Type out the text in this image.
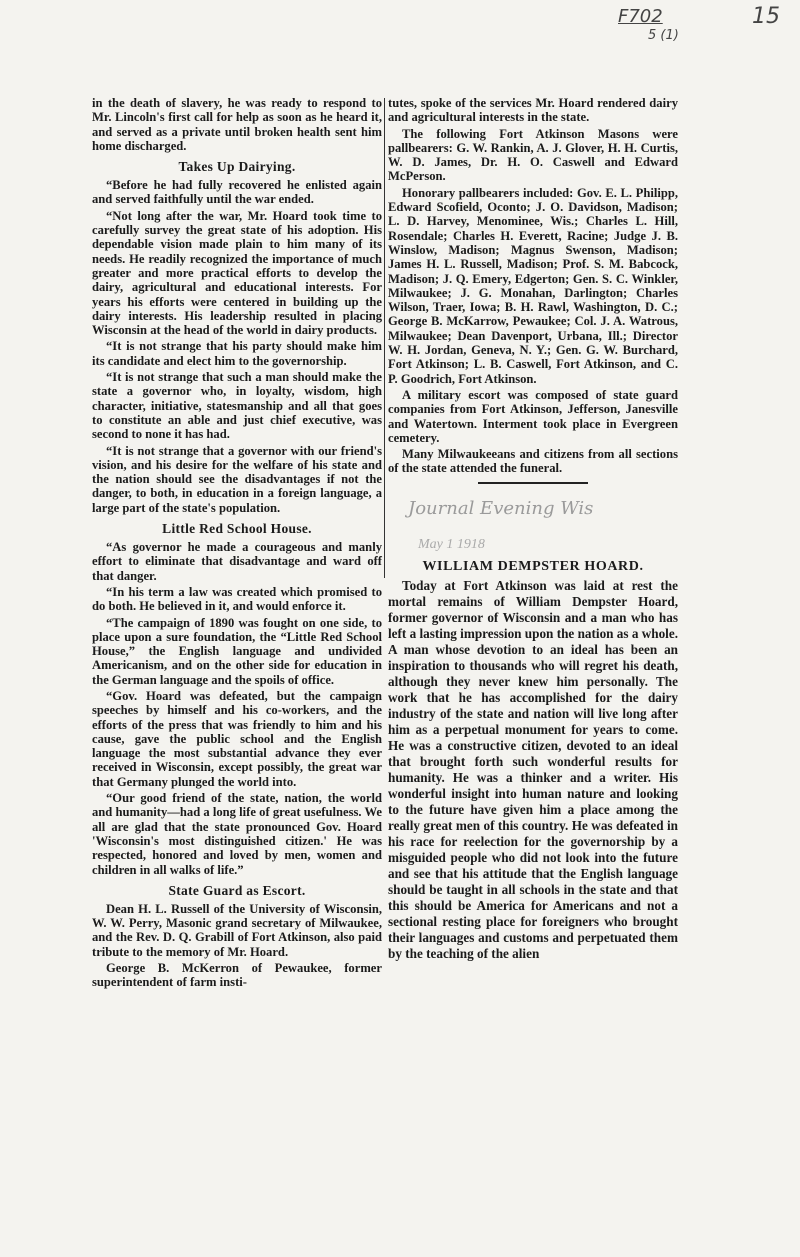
F702
5 (1)
15

in the death of slavery, he was ready to respond to Mr. Lincoln's first call for help as soon as he heard it, and served as a private until broken health sent him home discharged.

Takes Up Dairying.

“Before he had fully recovered he enlisted again and served faithfully until the war ended.

“Not long after the war, Mr. Hoard took time to carefully survey the great state of his adoption. His dependable vision made plain to him many of its needs. He readily recognized the importance of much greater and more practical efforts to develop the dairy, agricultural and educational interests. For years his efforts were centered in building up the dairy interests. His leadership resulted in placing Wisconsin at the head of the world in dairy products.

“It is not strange that his party should make him its candidate and elect him to the governorship.

“It is not strange that such a man should make the state a governor who, in loyalty, wisdom, high character, initiative, statesmanship and all that goes to constitute an able and just chief executive, was second to none it has had.

“It is not strange that a governor with our friend's vision, and his desire for the welfare of his state and the nation should see the disadvantages if not the danger, to both, in education in a foreign language, a large part of the state's population.

Little Red School House.

“As governor he made a courageous and manly effort to eliminate that disadvantage and ward off that danger.

“In his term a law was created which promised to do both. He believed in it, and would enforce it.

“The campaign of 1890 was fought on one side, to place upon a sure foundation, the “Little Red School House,” the English language and undivided Americanism, and on the other side for education in the German language and the spoils of office.

“Gov. Hoard was defeated, but the campaign speeches by himself and his co-workers, and the efforts of the press that was friendly to him and his cause, gave the public school and the English language the most substantial advance they ever received in Wisconsin, except possibly, the great war that Germany plunged the world into.

“Our good friend of the state, nation, the world and humanity—had a long life of great usefulness. We all are glad that the state pronounced Gov. Hoard 'Wisconsin's most distinguished citizen.' He was respected, honored and loved by men, women and children in all walks of life.”

State Guard as Escort.

Dean H. L. Russell of the University of Wisconsin, W. W. Perry, Masonic grand secretary of Milwaukee, and the Rev. D. Q. Grabill of Fort Atkinson, also paid tribute to the memory of Mr. Hoard.

George B. McKerron of Pewaukee, former superintendent of farm insti-

tutes, spoke of the services Mr. Hoard rendered dairy and agricultural interests in the state.

The following Fort Atkinson Masons were pallbearers: G. W. Rankin, A. J. Glover, H. H. Curtis, W. D. James, Dr. H. O. Caswell and Edward McPerson.

Honorary pallbearers included: Gov. E. L. Philipp, Edward Scofield, Oconto; J. O. Davidson, Madison; L. D. Harvey, Menominee, Wis.; Charles L. Hill, Rosendale; Charles H. Everett, Racine; Judge J. B. Winslow, Madison; Magnus Swenson, Madison; James H. L. Russell, Madison; Prof. S. M. Babcock, Madison; J. Q. Emery, Edgerton; Gen. S. C. Winkler, Milwaukee; J. G. Monahan, Darlington; Charles Wilson, Traer, Iowa; B. H. Rawl, Washington, D. C.; George B. McKarrow, Pewaukee; Col. J. A. Watrous, Milwaukee; Dean Davenport, Urbana, Ill.; Director W. H. Jordan, Geneva, N. Y.; Gen. G. W. Burchard, Fort Atkinson; L. B. Caswell, Fort Atkinson, and C. P. Goodrich, Fort Atkinson.

A military escort was composed of state guard companies from Fort Atkinson, Jefferson, Janesville and Watertown. Interment took place in Evergreen cemetery.

Many Milwaukeeans and citizens from all sections of the state attended the funeral.

Journal Evening Wis
May 1 1918
WILLIAM DEMPSTER HOARD.

Today at Fort Atkinson was laid at rest the mortal remains of William Dempster Hoard, former governor of Wisconsin and a man who has left a lasting impression upon the nation as a whole. A man whose devotion to an ideal has been an inspiration to thousands who will regret his death, although they never knew him personally. The work that he has accomplished for the dairy industry of the state and nation will live long after him as a perpetual monument for years to come. He was a constructive citizen, devoted to an ideal that brought forth such wonderful results for humanity. He was a thinker and a writer. His wonderful insight into human nature and looking to the future have given him a place among the really great men of this country. He was defeated in his race for reelection for the governorship by a misguided people who did not look into the future and see that his attitude that the English language should be taught in all schools in the state and that this should be America for Americans and not a sectional resting place for foreigners who brought their languages and customs and perpetuated them by the teaching of the alien
